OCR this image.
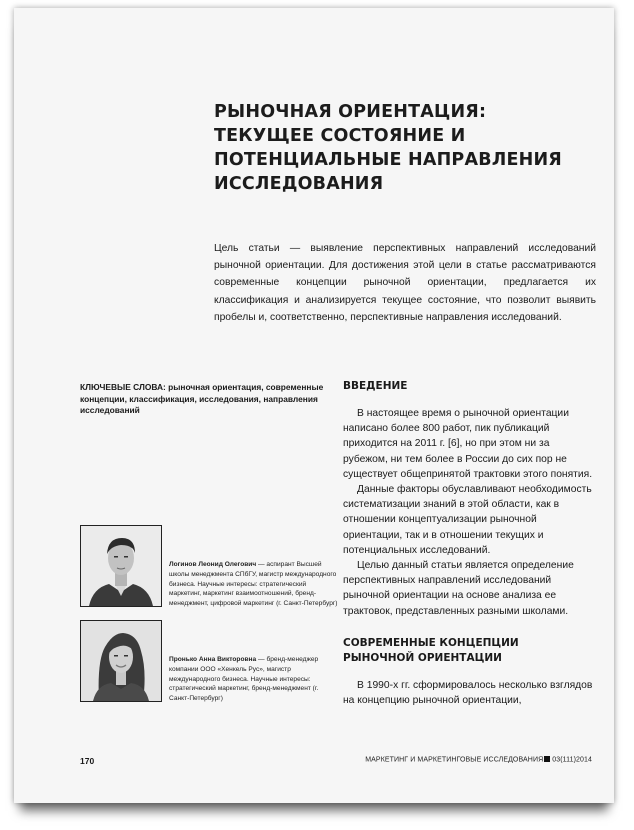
РЫНОЧНАЯ ОРИЕНТАЦИЯ: ТЕКУЩЕЕ СОСТОЯНИЕ И ПОТЕНЦИАЛЬНЫЕ НАПРАВЛЕНИЯ ИССЛЕДОВАНИЯ
Цель статьи — выявление перспективных направлений исследований рыночной ориентации. Для достижения этой цели в статье рассматриваются современные концепции рыночной ориентации, предлагается их классификация и анализируется текущее состояние, что позволит выявить пробелы и, соответственно, перспективные направления исследований.
КЛЮЧЕВЫЕ СЛОВА: рыночная ориентация, современные концепции, классификация, исследования, направления исследований
Логинов Леонид Олегович — аспирант Высшей школы менеджмента СПбГУ, магистр международного бизнеса. Научные интересы: стратегический маркетинг, маркетинг взаимоотношений, бренд-менеджмент, цифровой маркетинг (г. Санкт-Петербург)
Пронько Анна Викторовна — бренд-менеджер компании ООО «Хенкель Рус», магистр международного бизнеса. Научные интересы: стратегический маркетинг, бренд-менеджмент (г. Санкт-Петербург)
ВВЕДЕНИЕ

В настоящее время о рыночной ориентации написано более 800 работ, пик публикаций приходится на 2011 г. [6], но при этом ни за рубежом, ни тем более в России до сих пор не существует общепринятой трактовки этого понятия.

Данные факторы обуславливают необходимость систематизации знаний в этой области, как в отношении концептуализации рыночной ориентации, так и в отношении текущих и потенциальных исследований.

Целью данный статьи является определение перспективных направлений исследований рыночной ориентации на основе анализа ее трактовок, представленных разными школами.

СОВРЕМЕННЫЕ КОНЦЕПЦИИ РЫНОЧНОЙ ОРИЕНТАЦИИ

В 1990-х гг. сформировалось несколько взглядов на концепцию рыночной ориентации,

170	МАРКЕТИНГ И МАРКЕТИНГОВЫЕ ИССЛЕДОВАНИЯ 03(111)2014
